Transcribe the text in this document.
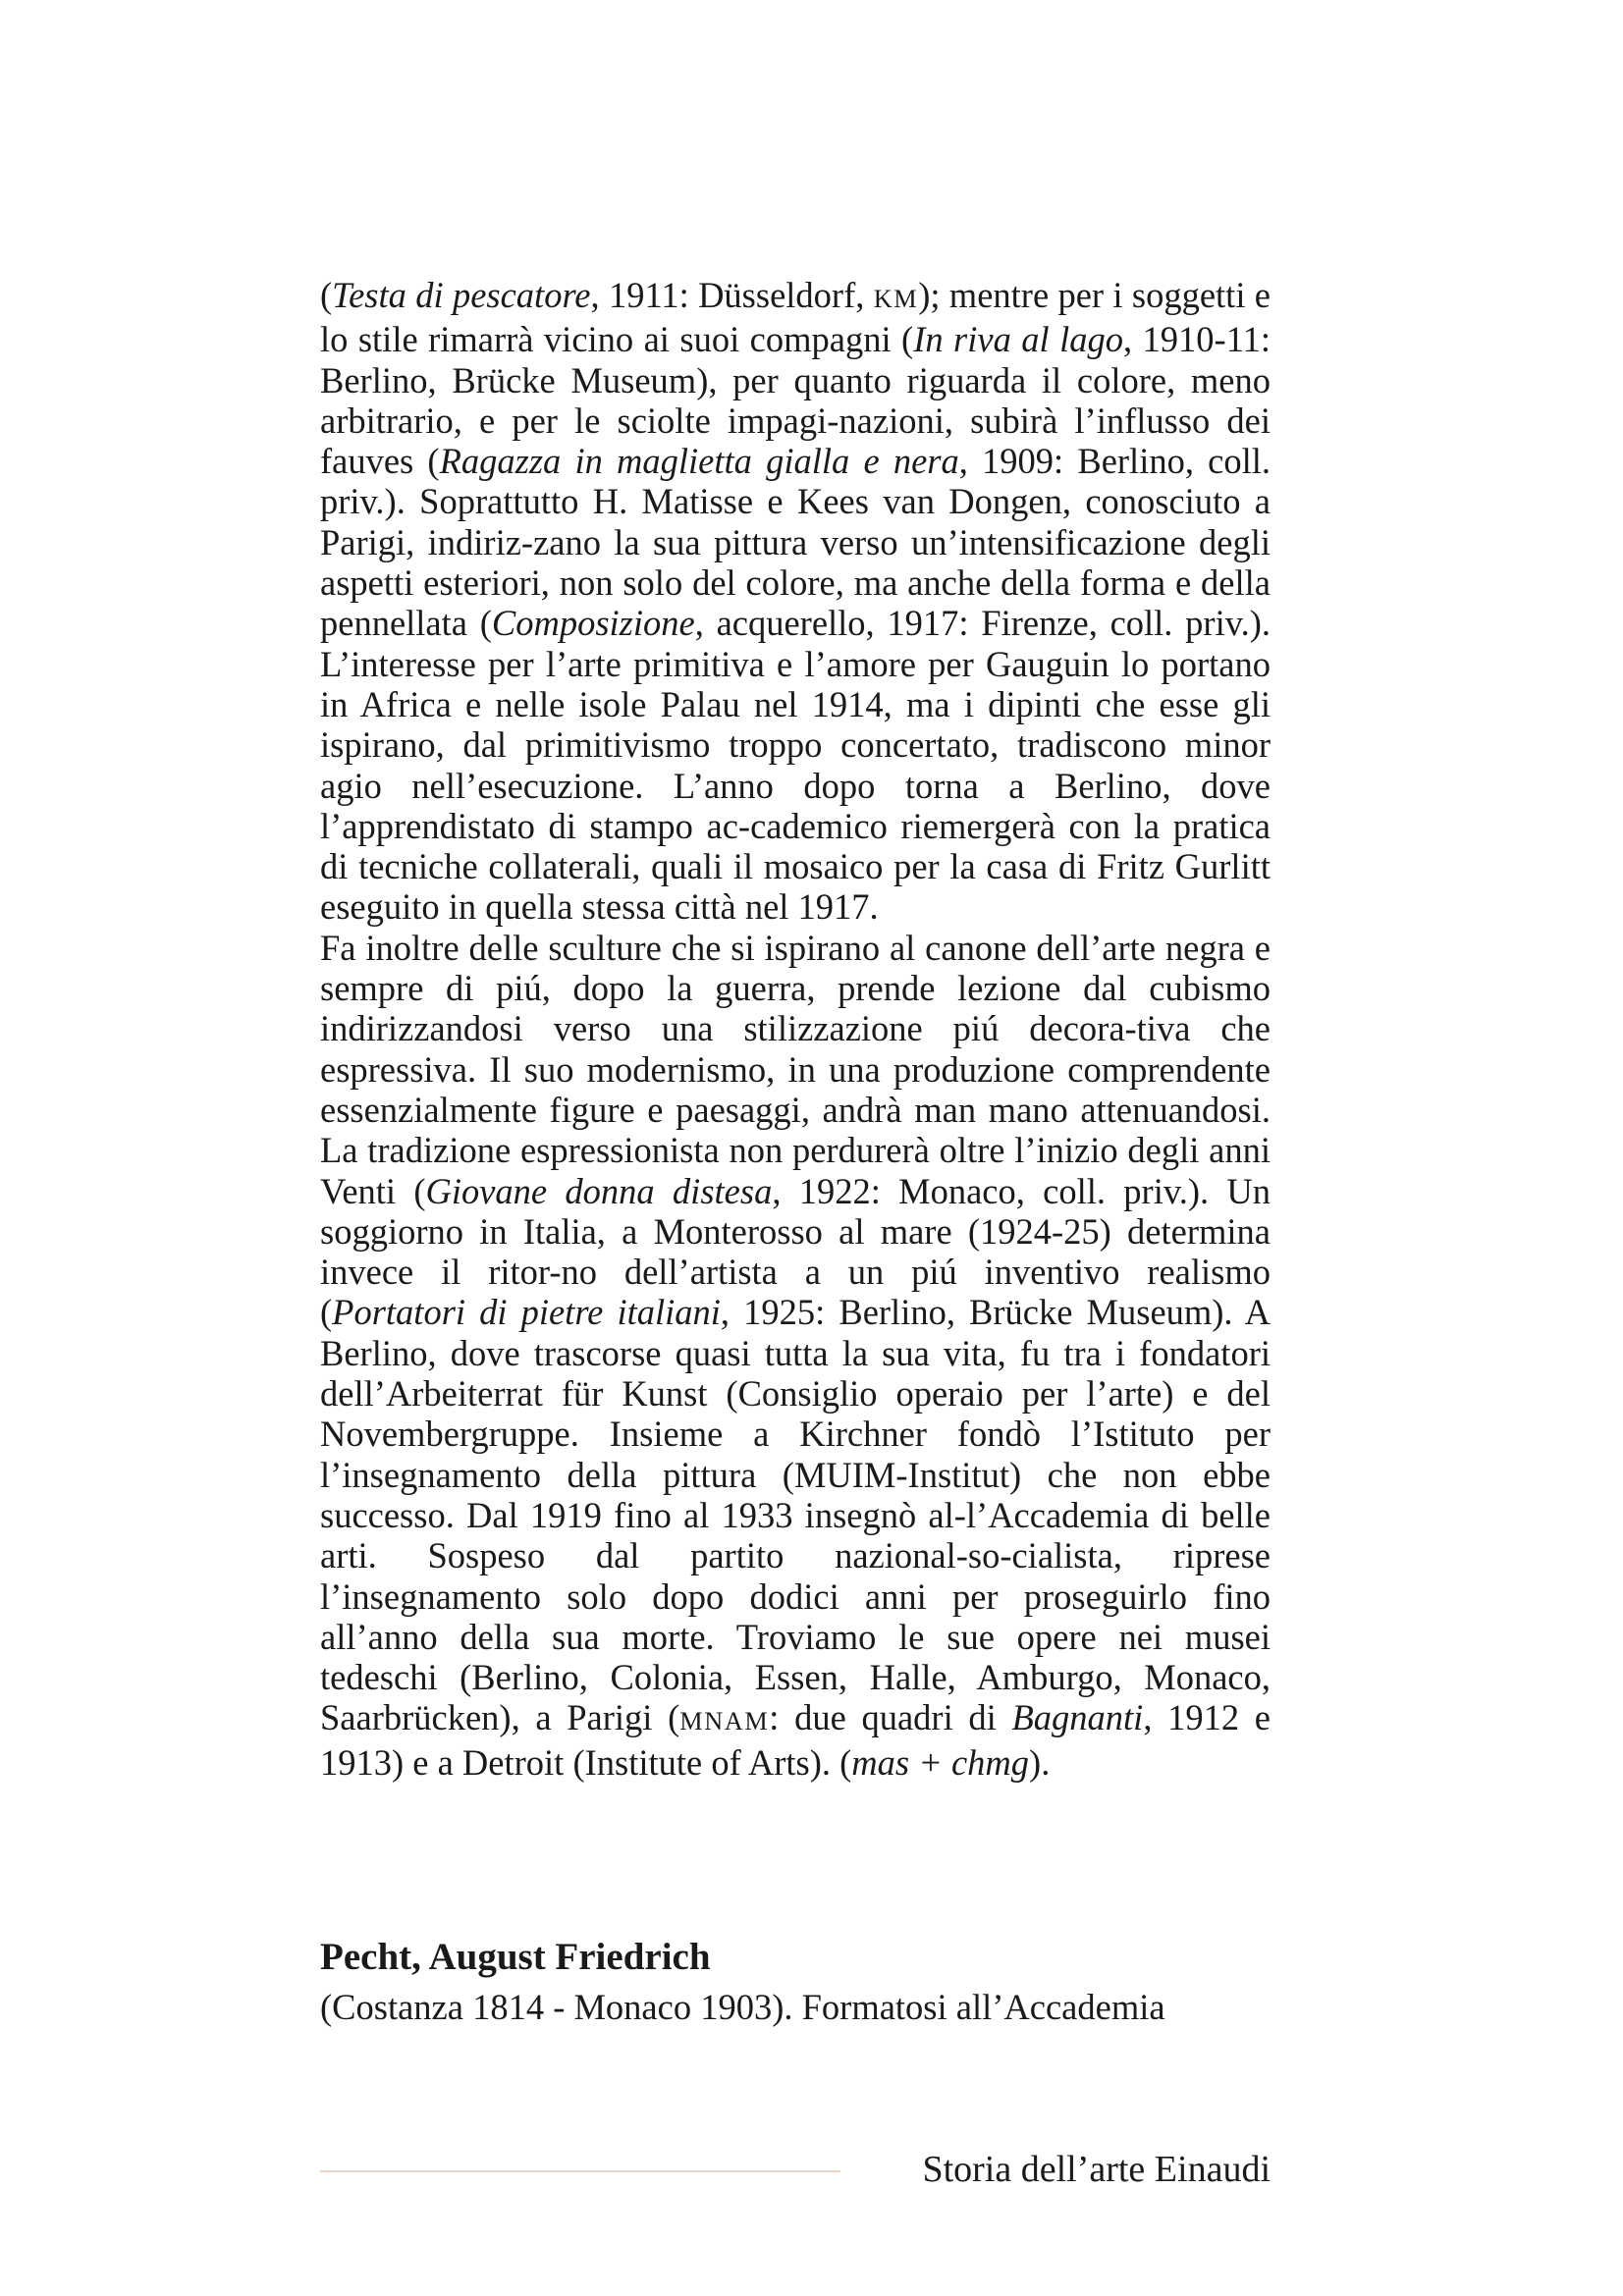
(Testa di pescatore, 1911: Düsseldorf, KM); mentre per i soggetti e lo stile rimarrà vicino ai suoi compagni (In riva al lago, 1910-11: Berlino, Brücke Museum), per quanto riguarda il colore, meno arbitrario, e per le sciolte impagi-nazioni, subirà l’influsso dei fauves (Ragazza in maglietta gialla e nera, 1909: Berlino, coll. priv.). Soprattutto H. Matisse e Kees van Dongen, conosciuto a Parigi, indiriz-zano la sua pittura verso un’intensificazione degli aspetti esteriori, non solo del colore, ma anche della forma e della pennellata (Composizione, acquerello, 1917: Firenze, coll. priv.). L’interesse per l’arte primitiva e l’amore per Gauguin lo portano in Africa e nelle isole Palau nel 1914, ma i dipinti che esse gli ispirano, dal primitivismo troppo concertato, tradiscono minor agio nell’esecuzione. L’anno dopo torna a Berlino, dove l’apprendistato di stampo ac-cademico riemergerà con la pratica di tecniche collaterali, quali il mosaico per la casa di Fritz Gurlitt eseguito in quella stessa città nel 1917.

Fa inoltre delle sculture che si ispirano al canone dell’arte negra e sempre di piú, dopo la guerra, prende lezione dal cubismo indirizzandosi verso una stilizzazione piú decora-tiva che espressiva. Il suo modernismo, in una produzione comprendente essenzialmente figure e paesaggi, andrà man mano attenuandosi. La tradizione espressionista non perdurerà oltre l’inizio degli anni Venti (Giovane donna distesa, 1922: Monaco, coll. priv.). Un soggiorno in Italia, a Monterosso al mare (1924-25) determina invece il ritor-no dell’artista a un piú inventivo realismo (Portatori di pietre italiani, 1925: Berlino, Brücke Museum). A Berlino, dove trascorse quasi tutta la sua vita, fu tra i fondatori dell’Arbeiterrat für Kunst (Consiglio operaio per l’arte) e del Novembergruppe. Insieme a Kirchner fondò l’Istituto per l’insegnamento della pittura (MUIM-Institut) che non ebbe successo. Dal 1919 fino al 1933 insegnò al-l’Accademia di belle arti. Sospeso dal partito nazional-so-cialista, riprese l’insegnamento solo dopo dodici anni per proseguirlo fino all’anno della sua morte. Troviamo le sue opere nei musei tedeschi (Berlino, Colonia, Essen, Halle, Amburgo, Monaco, Saarbrücken), a Parigi (MNAM: due quadri di Bagnanti, 1912 e 1913) e a Detroit (Institute of Arts). (mas + chmg).

Pecht, August Friedrich
(Costanza 1814 - Monaco 1903). Formatosi all’Accademia
Storia dell’arte Einaudi
